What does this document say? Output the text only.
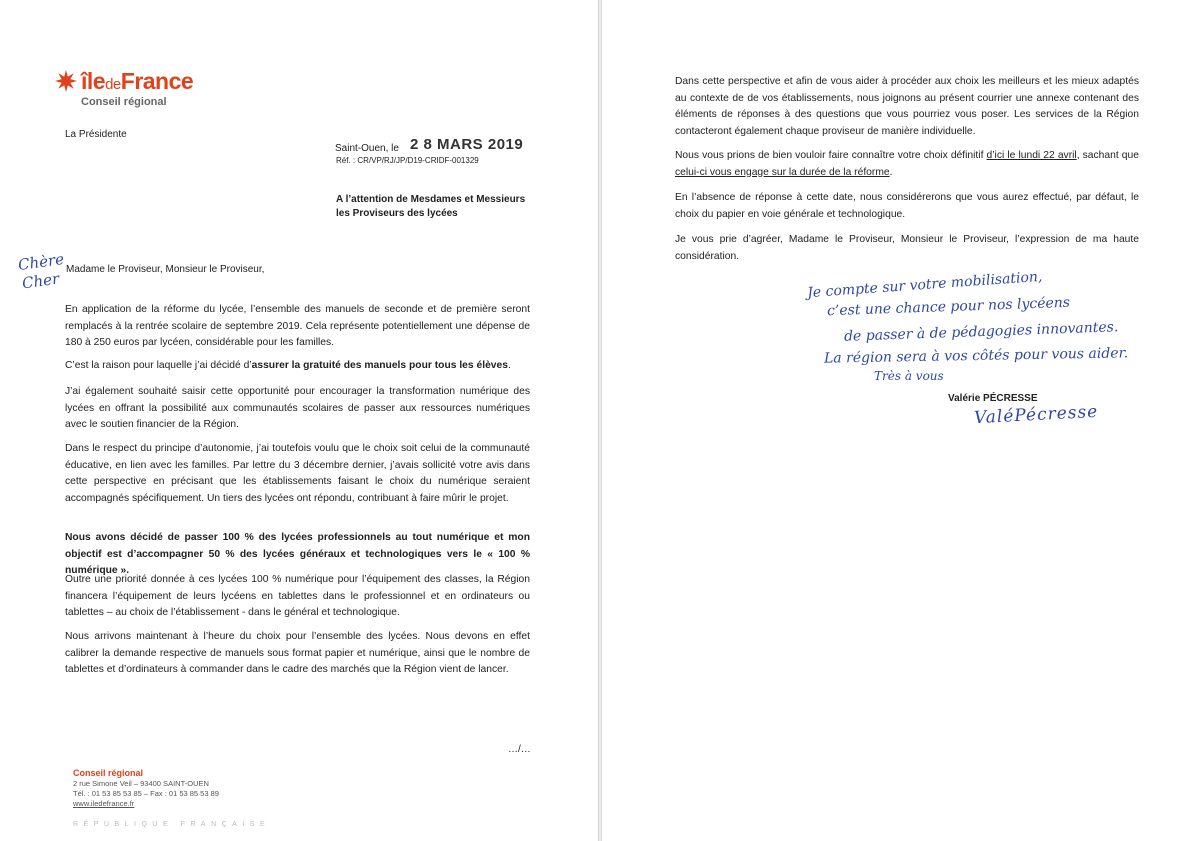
îledeFrance
Conseil régional
La Présidente
Saint-Ouen, le 2 8 MARS 2019
Réf. : CR/VP/RJ/JP/D19-CRIDF-001329
A l’attention de Mesdames et Messieurs
les Proviseurs des lycées
Chère
Cher Madame le Proviseur, Monsieur le Proviseur,
En application de la réforme du lycée, l’ensemble des manuels de seconde et de première seront remplacés à la rentrée scolaire de septembre 2019. Cela représente potentiellement une dépense de 180 à 250 euros par lycéen, considérable pour les familles.
C’est la raison pour laquelle j’ai décidé d’assurer la gratuité des manuels pour tous les élèves.
J’ai également souhaité saisir cette opportunité pour encourager la transformation numérique des lycées en offrant la possibilité aux communautés scolaires de passer aux ressources numériques avec le soutien financier de la Région.
Dans le respect du principe d’autonomie, j’ai toutefois voulu que le choix soit celui de la communauté éducative, en lien avec les familles. Par lettre du 3 décembre dernier, j’avais sollicité votre avis dans cette perspective en précisant que les établissements faisant le choix du numérique seraient accompagnés spécifiquement. Un tiers des lycées ont répondu, contribuant à faire mûrir le projet.
Nous avons décidé de passer 100 % des lycées professionnels au tout numérique et mon objectif est d’accompagner 50 % des lycées généraux et technologiques vers le « 100 % numérique ».
Outre une priorité donnée à ces lycées 100 % numérique pour l’équipement des classes, la Région financera l’équipement de leurs lycéens en tablettes dans le professionnel et en ordinateurs ou tablettes – au choix de l’établissement - dans le général et technologique.
Nous arrivons maintenant à l’heure du choix pour l’ensemble des lycées. Nous devons en effet calibrer la demande respective de manuels sous format papier et numérique, ainsi que le nombre de tablettes et d’ordinateurs à commander dans le cadre des marchés que la Région vient de lancer.
…/…
Conseil régional
2 rue Simone Veil – 93400 SAINT-OUEN
Tél. : 01 53 85 53 85 – Fax : 01 53 85 53 89
www.iledefrance.fr
RÉPUBLIQUE FRANÇAISE
Dans cette perspective et afin de vous aider à procéder aux choix les meilleurs et les mieux adaptés au contexte de de vos établissements, nous joignons au présent courrier une annexe contenant des éléments de réponses à des questions que vous pourriez vous poser. Les services de la Région contacteront également chaque proviseur de manière individuelle.
Nous vous prions de bien vouloir faire connaître votre choix définitif d’ici le lundi 22 avril, sachant que celui-ci vous engage sur la durée de la réforme.
En l’absence de réponse à cette date, nous considérerons que vous aurez effectué, par défaut, le choix du papier en voie générale et technologique.
Je vous prie d’agréer, Madame le Proviseur, Monsieur le Proviseur, l’expression de ma haute considération.
Je compte sur votre mobilisation,
c’est une chance pour nos lycéens
de passer à de pédagogies innovantes.
La région sera à vos côtés pour vous aider.
Très à vous
Valérie PÉCRESSE
ValéPécresse
